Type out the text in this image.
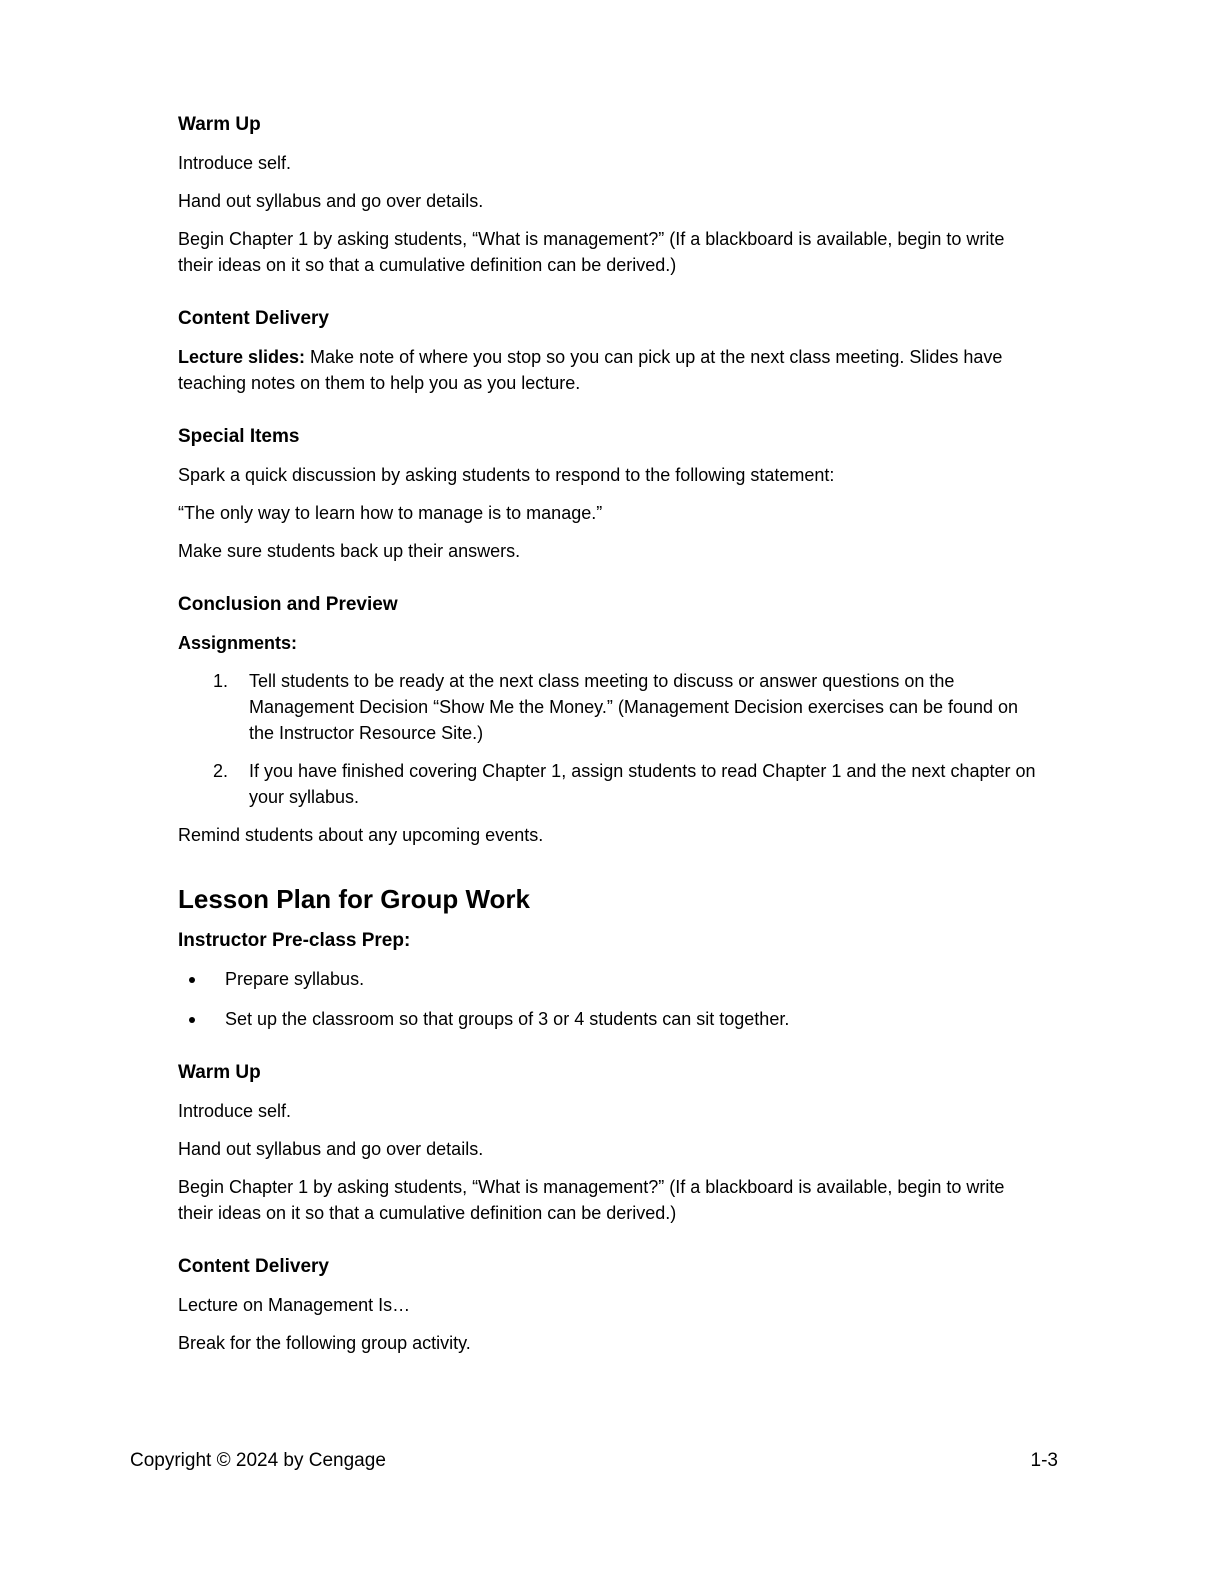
Warm Up

Introduce self.

Hand out syllabus and go over details.

Begin Chapter 1 by asking students, “What is management?” (If a blackboard is available, begin to write their ideas on it so that a cumulative definition can be derived.)

Content Delivery

Lecture slides: Make note of where you stop so you can pick up at the next class meeting. Slides have teaching notes on them to help you as you lecture.

Special Items

Spark a quick discussion by asking students to respond to the following statement:

“The only way to learn how to manage is to manage.”

Make sure students back up their answers.

Conclusion and Preview
Assignments:
1. Tell students to be ready at the next class meeting to discuss or answer questions on the Management Decision “Show Me the Money.” (Management Decision exercises can be found on the Instructor Resource Site.)
2. If you have finished covering Chapter 1, assign students to read Chapter 1 and the next chapter on your syllabus.

Remind students about any upcoming events.

Lesson Plan for Group Work
Instructor Pre-class Prep:
Prepare syllabus.
Set up the classroom so that groups of 3 or 4 students can sit together.
Warm Up

Introduce self.

Hand out syllabus and go over details.

Begin Chapter 1 by asking students, “What is management?” (If a blackboard is available, begin to write their ideas on it so that a cumulative definition can be derived.)

Content Delivery

Lecture on Management Is…

Break for the following group activity.

Copyright © 2024 by Cengage	1-3
